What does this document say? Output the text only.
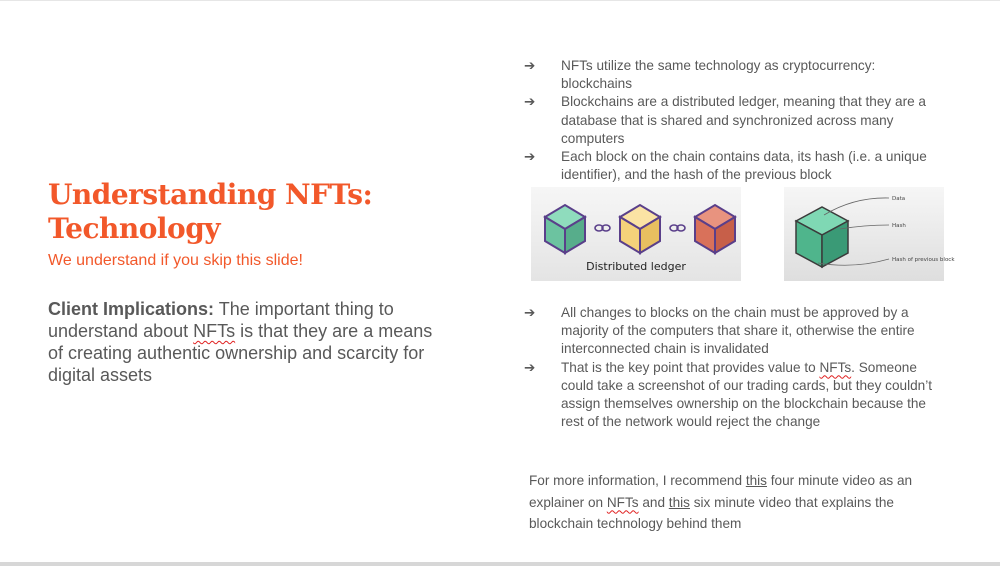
Understanding NFTs:
Technology
We understand if you skip this slide!
Client Implications: The important thing to understand about NFTs is that they are a means of creating authentic ownership and scarcity for digital assets
➔ NFTs utilize the same technology as cryptocurrency: blockchains
➔ Blockchains are a distributed ledger, meaning that they are a database that is shared and synchronized across many computers
➔ Each block on the chain contains data, its hash (i.e. a unique identifier), and the hash of the previous block
Distributed ledger
Data
Hash
Hash of previous block
➔ All changes to blocks on the chain must be approved by a majority of the computers that share it, otherwise the entire interconnected chain is invalidated
➔ That is the key point that provides value to NFTs. Someone could take a screenshot of our trading cards, but they couldn’t assign themselves ownership on the blockchain because the rest of the network would reject the change
For more information, I recommend this four minute video as an explainer on NFTs and this six minute video that explains the blockchain technology behind them
